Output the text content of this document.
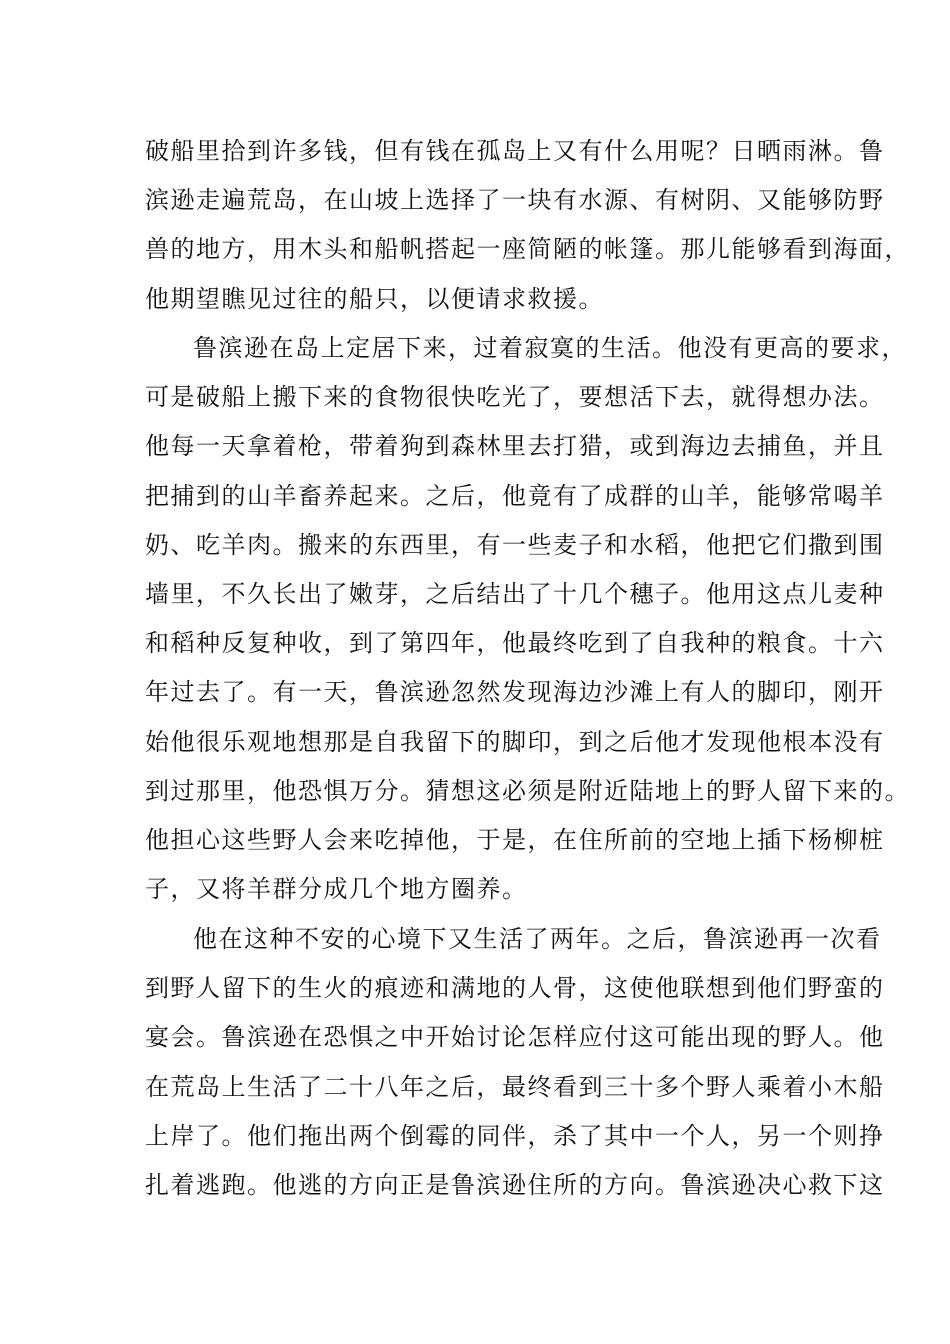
破船里拾到许多钱，但有钱在孤岛上又有什么用呢？日晒雨淋。鲁
滨逊走遍荒岛，在山坡上选择了一块有水源、有树阴、又能够防野
兽的地方，用木头和船帆搭起一座简陋的帐篷。那儿能够看到海面，
他期望瞧见过往的船只，以便请求救援。
鲁滨逊在岛上定居下来，过着寂寞的生活。他没有更高的要求，
可是破船上搬下来的食物很快吃光了，要想活下去，就得想办法。
他每一天拿着枪，带着狗到森林里去打猎，或到海边去捕鱼，并且
把捕到的山羊畜养起来。之后，他竟有了成群的山羊，能够常喝羊
奶、吃羊肉。搬来的东西里，有一些麦子和水稻，他把它们撒到围
墙里，不久长出了嫩芽，之后结出了十几个穗子。他用这点儿麦种
和稻种反复种收，到了第四年，他最终吃到了自我种的粮食。十六
年过去了。有一天，鲁滨逊忽然发现海边沙滩上有人的脚印，刚开
始他很乐观地想那是自我留下的脚印，到之后他才发现他根本没有
到过那里，他恐惧万分。猜想这必须是附近陆地上的野人留下来的。
他担心这些野人会来吃掉他，于是，在住所前的空地上插下杨柳桩
子，又将羊群分成几个地方圈养。
他在这种不安的心境下又生活了两年。之后，鲁滨逊再一次看
到野人留下的生火的痕迹和满地的人骨，这使他联想到他们野蛮的
宴会。鲁滨逊在恐惧之中开始讨论怎样应付这可能出现的野人。他
在荒岛上生活了二十八年之后，最终看到三十多个野人乘着小木船
上岸了。他们拖出两个倒霉的同伴，杀了其中一个人，另一个则挣
扎着逃跑。他逃的方向正是鲁滨逊住所的方向。鲁滨逊决心救下这
